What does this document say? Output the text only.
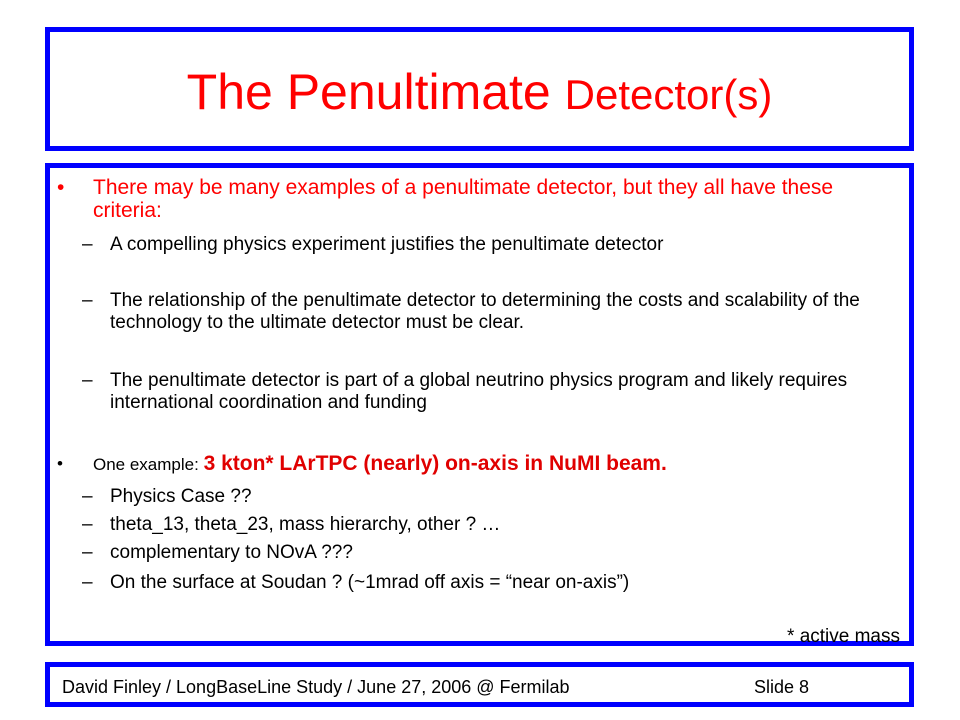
The Penultimate Detector(s)
• There may be many examples of a penultimate detector, but they all have these criteria:
– A compelling physics experiment justifies the penultimate detector
– The relationship of the penultimate detector to determining the costs and scalability of the technology to the ultimate detector must be clear.
– The penultimate detector is part of a global neutrino physics program and likely requires international coordination and funding
• One example: 3 kton* LArTPC (nearly) on-axis in NuMI beam.
– Physics Case ??
– theta_13, theta_23, mass hierarchy, other ? …
– complementary to NOvA ???
– On the surface at Soudan ? (~1mrad off axis = “near on-axis”)
* active mass
David Finley / LongBaseLine Study / June 27, 2006 @ Fermilab	Slide 8
